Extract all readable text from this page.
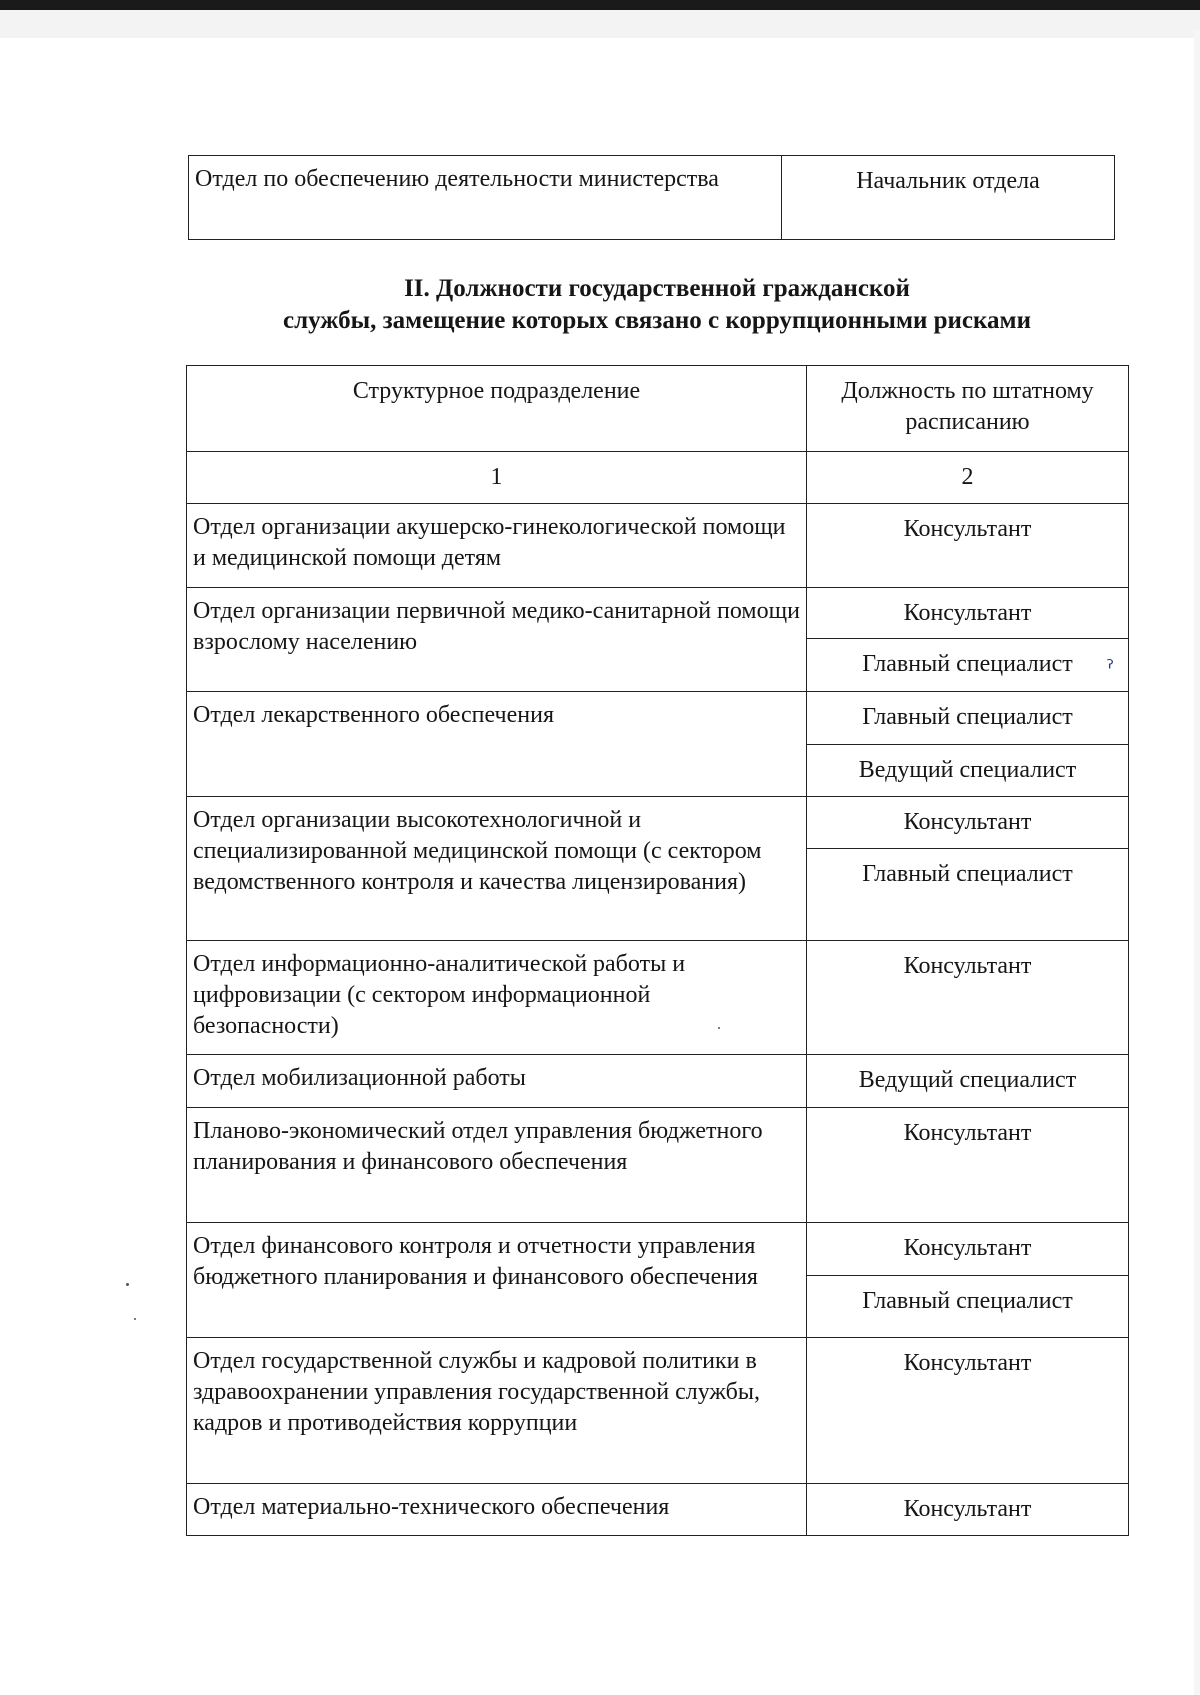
ˀ
Отдел по обеспечению деятельности министерства	Начальник отдела
II. Должности государственной гражданской
службы, замещение которых связано с коррупционными рисками
Структурное подразделение	Должность по штатному расписанию
1	2
Отдел организации акушерско-гинекологической помощи и медицинской помощи детям	Консультант
Отдел организации первичной медико-санитарной помощи взрослому населению	Консультант
	Главный специалист
Отдел лекарственного обеспечения	Главный специалист
	Ведущий специалист
Отдел организации высокотехнологичной и специализированной медицинской помощи (с сектором ведомственного контроля и качества лицензирования)	Консультант
	Главный специалист
Отдел информационно-аналитической работы и цифровизации (с сектором информационной безопасности)	Консультант
Отдел мобилизационной работы	Ведущий специалист
Планово-экономический отдел управления бюджетного планирования и финансового обеспечения	Консультант
Отдел финансового контроля и отчетности управления бюджетного планирования и финансового обеспечения	Консультант
	Главный специалист
Отдел государственной службы и кадровой политики в здравоохранении управления государственной службы, кадров и противодействия коррупции	Консультант
Отдел материально-технического обеспечения	Консультант
